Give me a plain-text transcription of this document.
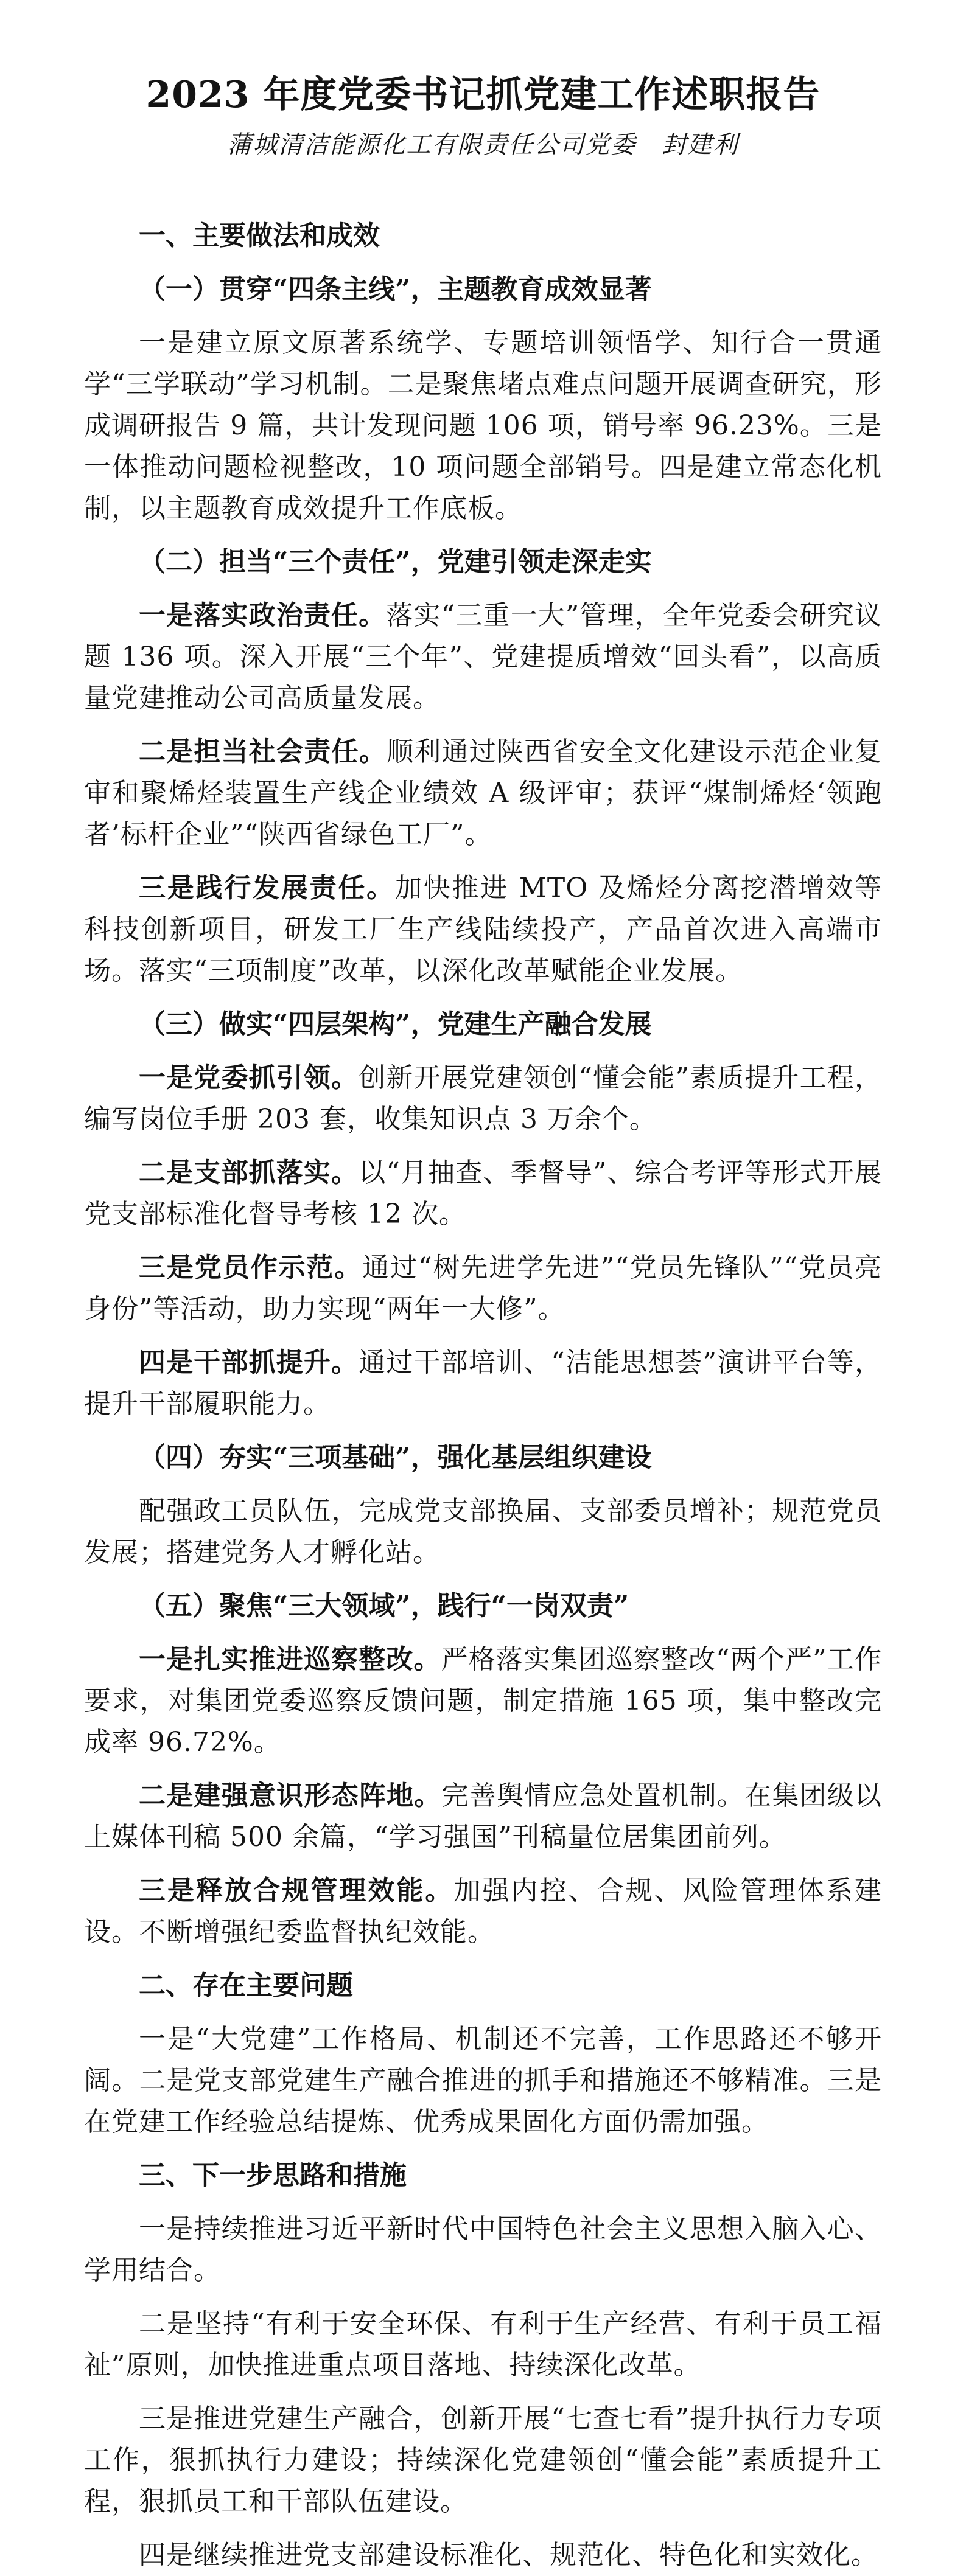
2023 年度党委书记抓党建工作述职报告
蒲城清洁能源化工有限责任公司党委　封建利
一、主要做法和成效
（一）贯穿“四条主线”，主题教育成效显著
一是建立原文原著系统学、专题培训领悟学、知行合一贯通学“三学联动”学习机制。二是聚焦堵点难点问题开展调查研究，形成调研报告 9 篇，共计发现问题 106 项，销号率 96.23%。三是一体推动问题检视整改，10 项问题全部销号。四是建立常态化机制，以主题教育成效提升工作底板。
（二）担当“三个责任”，党建引领走深走实
一是落实政治责任。落实“三重一大”管理，全年党委会研究议题 136 项。深入开展“三个年”、党建提质增效“回头看”，以高质量党建推动公司高质量发展。
二是担当社会责任。顺利通过陕西省安全文化建设示范企业复审和聚烯烃装置生产线企业绩效 A 级评审；获评“煤制烯烃‘领跑者’标杆企业”“陕西省绿色工厂”。
三是践行发展责任。加快推进 MTO 及烯烃分离挖潜增效等科技创新项目，研发工厂生产线陆续投产，产品首次进入高端市场。落实“三项制度”改革，以深化改革赋能企业发展。
（三）做实“四层架构”，党建生产融合发展
一是党委抓引领。创新开展党建领创“懂会能”素质提升工程，编写岗位手册 203 套，收集知识点 3 万余个。
二是支部抓落实。以“月抽查、季督导”、综合考评等形式开展党支部标准化督导考核 12 次。
三是党员作示范。通过“树先进学先进”“党员先锋队”“党员亮身份”等活动，助力实现“两年一大修”。
四是干部抓提升。通过干部培训、“洁能思想荟”演讲平台等，提升干部履职能力。
（四）夯实“三项基础”，强化基层组织建设
配强政工员队伍，完成党支部换届、支部委员增补；规范党员发展；搭建党务人才孵化站。
（五）聚焦“三大领域”，践行“一岗双责”
一是扎实推进巡察整改。严格落实集团巡察整改“两个严”工作要求，对集团党委巡察反馈问题，制定措施 165 项，集中整改完成率 96.72%。
二是建强意识形态阵地。完善舆情应急处置机制。在集团级以上媒体刊稿 500 余篇，“学习强国”刊稿量位居集团前列。
三是释放合规管理效能。加强内控、合规、风险管理体系建设。不断增强纪委监督执纪效能。
二、存在主要问题
一是“大党建”工作格局、机制还不完善，工作思路还不够开阔。二是党支部党建生产融合推进的抓手和措施还不够精准。三是在党建工作经验总结提炼、优秀成果固化方面仍需加强。
三、下一步思路和措施
一是持续推进习近平新时代中国特色社会主义思想入脑入心、学用结合。
二是坚持“有利于安全环保、有利于生产经营、有利于员工福祉”原则，加快推进重点项目落地、持续深化改革。
三是推进党建生产融合，创新开展“七查七看”提升执行力专项工作，狠抓执行力建设；持续深化党建领创“懂会能”素质提升工程，狠抓员工和干部队伍建设。
四是继续推进党支部建设标准化、规范化、特色化和实效化。
